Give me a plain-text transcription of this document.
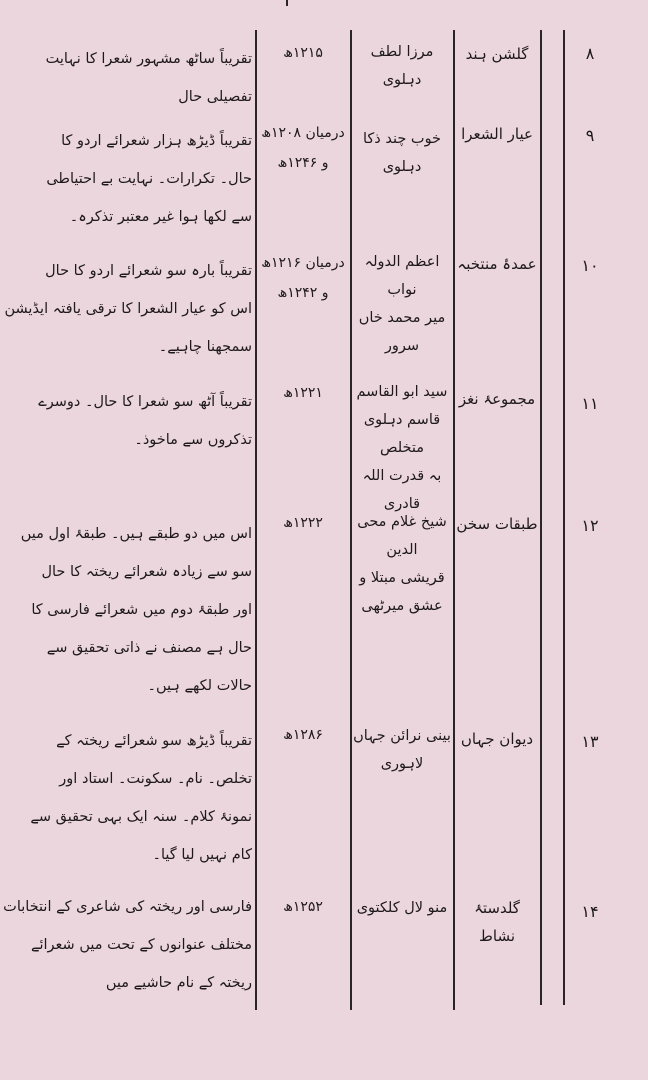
۸
گلشن ہند
مرزا لطف
دہلوی
۱۲۱۵ھ
تقریباً ساٹھ مشہور شعرا کا نہایت
تفصیلی حال
۹
عیار الشعرا
خوب چند ذکا
دہلوی
درمیان ۱۲۰۸ھ
و ۱۲۴۶ھ
تقریباً ڈیڑھ ہزار شعرائے اردو کا
حال۔ تکرارات۔ نہایت بے احتیاطی
سے لکھا ہوا غیر معتبر تذکرہ۔
۱۰
عمدۂ منتخبہ
اعظم الدولہ نواب
میر محمد خاں سرور
درمیان ۱۲۱۶ھ
و ۱۲۴۲ھ
تقریباً بارہ سو شعرائے اردو کا حال
اس کو عیار الشعرا کا ترقی یافتہ ایڈیشن
سمجھنا چاہیے۔
۱۱
مجموعۂ نغز
سید ابو القاسم
قاسم دہلوی متخلص
بہ قدرت اللہ قادری
۱۲۲۱ھ
تقریباً آٹھ سو شعرا کا حال۔ دوسرے
تذکروں سے ماخوذ۔
۱۲
طبقات سخن
شیخ غلام محی الدین
قریشی مبتلا و
عشق میرٹھی
۱۲۲۲ھ
اس میں دو طبقے ہیں۔ طبقۂ اول میں
سو سے زیادہ شعرائے ریختہ کا حال
اور طبقۂ دوم میں شعرائے فارسی کا
حال ہے مصنف نے ذاتی تحقیق سے
حالات لکھے ہیں۔
۱۳
دیوان جہاں
بینی نرائن جہاں
لاہوری
۱۲۸۶ھ
تقریباً ڈیڑھ سو شعرائے ریختہ کے
تخلص۔ نام۔ سکونت۔ استاد اور
نمونۂ کلام۔ سنہ ایک بہی تحقیق سے
کام نہیں لیا گیا۔
۱۴
گلدستۂ نشاط
منو لال کلکتوی
۱۲۵۲ھ
فارسی اور ریختہ کی شاعری کے انتخابات
مختلف عنوانوں کے تحت میں شعرائے
ریختہ کے نام حاشیے میں
